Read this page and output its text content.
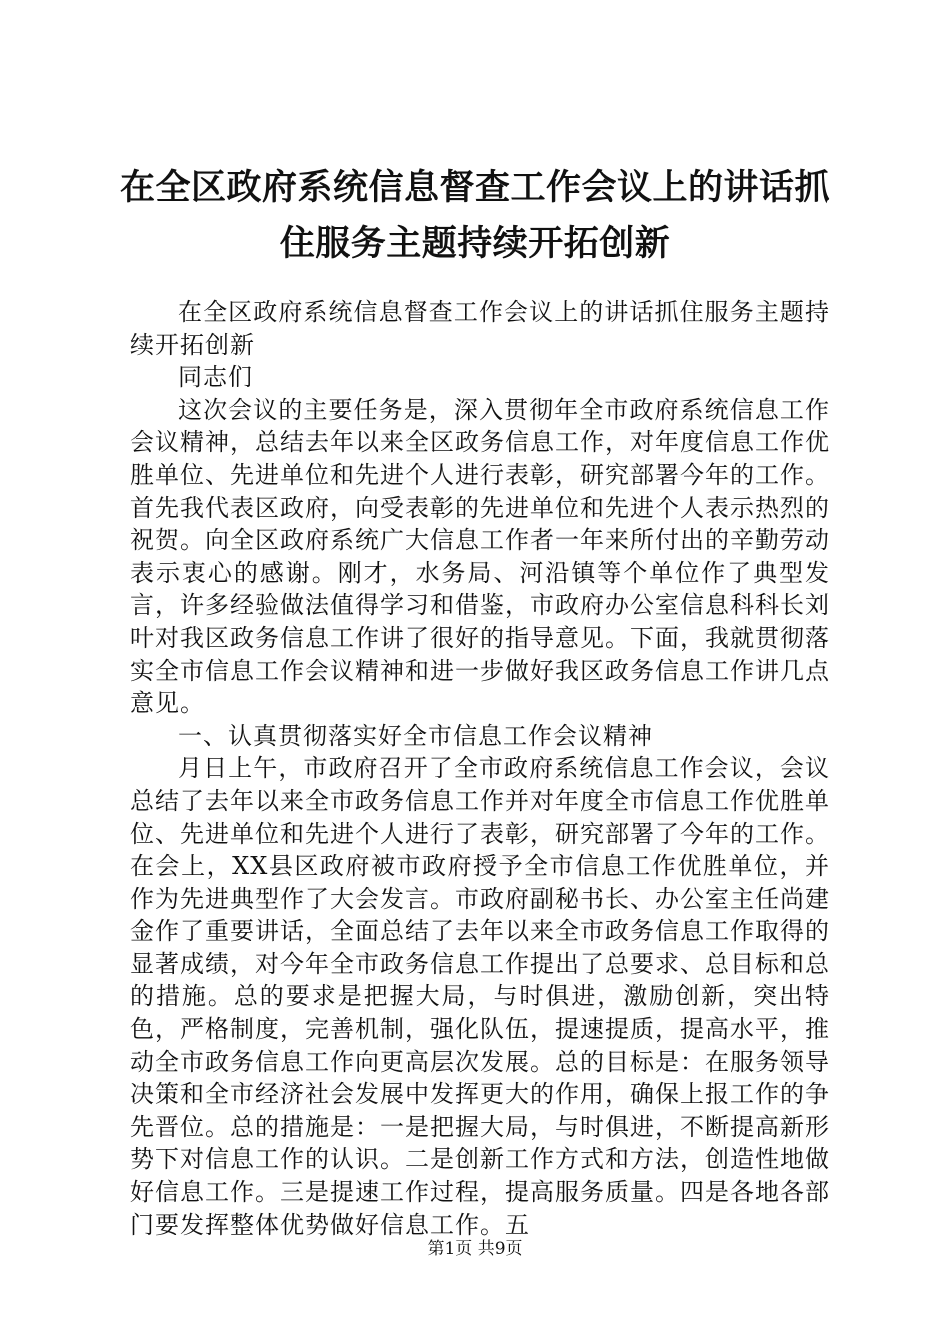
在全区政府系统信息督查工作会议上的讲话抓住服务主题持续开拓创新

在全区政府系统信息督查工作会议上的讲话抓住服务主题持续开拓创新

同志们

这次会议的主要任务是，深入贯彻年全市政府系统信息工作会议精神，总结去年以来全区政务信息工作，对年度信息工作优胜单位、先进单位和先进个人进行表彰，研究部署今年的工作。首先我代表区政府，向受表彰的先进单位和先进个人表示热烈的祝贺。向全区政府系统广大信息工作者一年来所付出的辛勤劳动表示衷心的感谢。刚才，水务局、河沿镇等个单位作了典型发言，许多经验做法值得学习和借鉴，市政府办公室信息科科长刘叶对我区政务信息工作讲了很好的指导意见。下面，我就贯彻落实全市信息工作会议精神和进一步做好我区政务信息工作讲几点意见。

一、认真贯彻落实好全市信息工作会议精神

月日上午，市政府召开了全市政府系统信息工作会议，会议总结了去年以来全市政务信息工作并对年度全市信息工作优胜单位、先进单位和先进个人进行了表彰，研究部署了今年的工作。在会上，XX县区政府被市政府授予全市信息工作优胜单位，并作为先进典型作了大会发言。市政府副秘书长、办公室主任尚建金作了重要讲话，全面总结了去年以来全市政务信息工作取得的显著成绩，对今年全市政务信息工作提出了总要求、总目标和总的措施。总的要求是把握大局，与时俱进，激励创新，突出特色，严格制度，完善机制，强化队伍，提速提质，提高水平，推动全市政务信息工作向更高层次发展。总的目标是：在服务领导决策和全市经济社会发展中发挥更大的作用，确保上报工作的争先晋位。总的措施是：一是把握大局，与时俱进，不断提高新形势下对信息工作的认识。二是创新工作方式和方法，创造性地做好信息工作。三是提速工作过程，提高服务质量。四是各地各部门要发挥整体优势做好信息工作。五

第1页 共9页
